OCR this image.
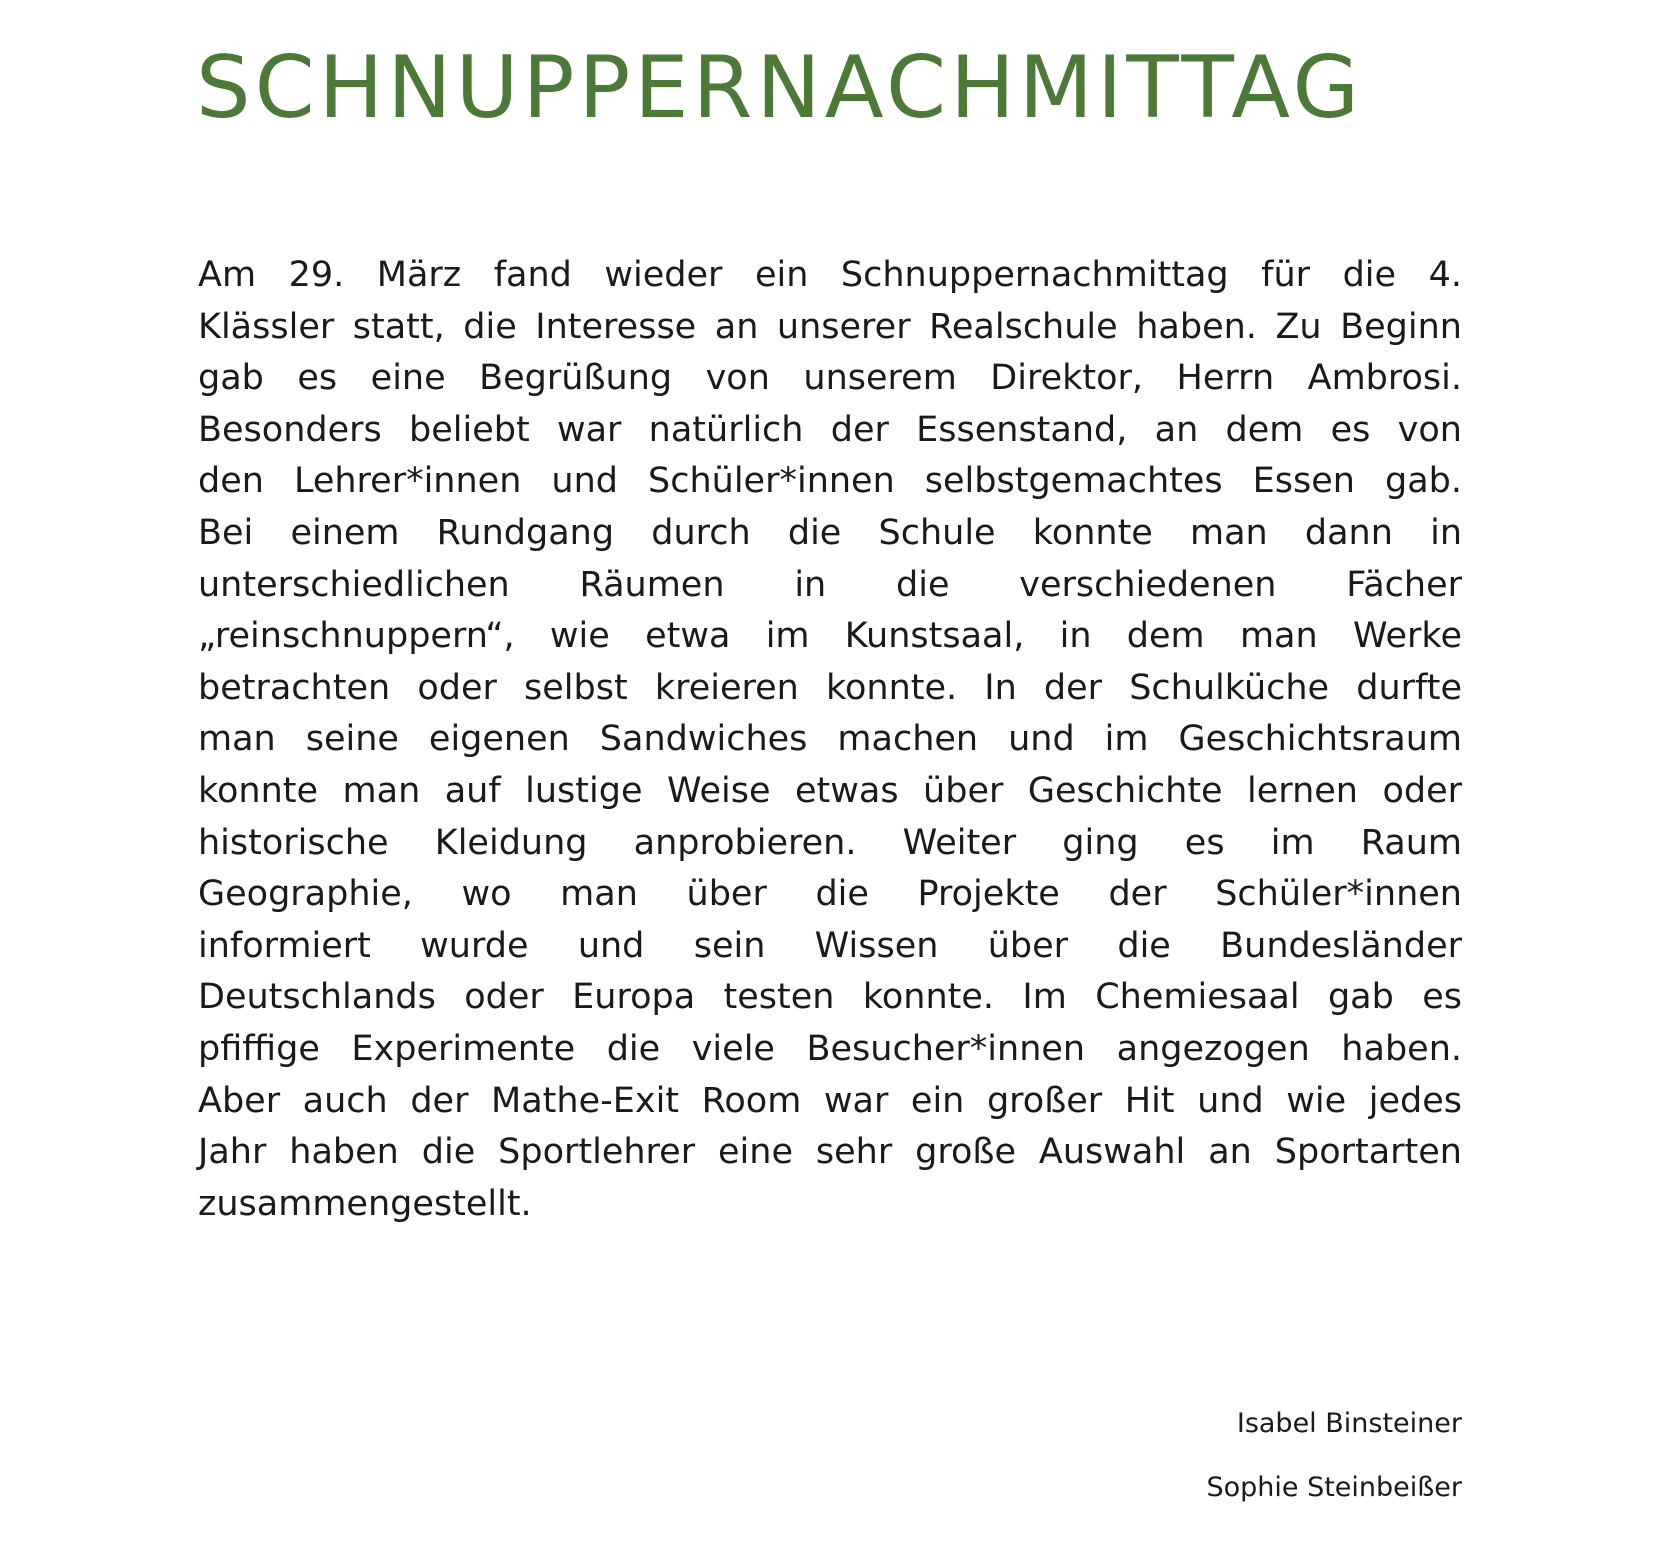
SCHNUPPERNACHMITTAG
Am 29. März fand wieder ein Schnuppernachmittag für die 4.
Klässler statt, die Interesse an unserer Realschule haben. Zu Beginn
gab es eine Begrüßung von unserem Direktor, Herrn Ambrosi.
Besonders beliebt war natürlich der Essenstand, an dem es von
den Lehrer*innen und Schüler*innen selbstgemachtes Essen gab.
Bei einem Rundgang durch die Schule konnte man dann in
unterschiedlichen Räumen in die verschiedenen Fächer
„reinschnuppern“, wie etwa im Kunstsaal, in dem man Werke
betrachten oder selbst kreieren konnte. In der Schulküche durfte
man seine eigenen Sandwiches machen und im Geschichtsraum
konnte man auf lustige Weise etwas über Geschichte lernen oder
historische Kleidung anprobieren. Weiter ging es im Raum
Geographie, wo man über die Projekte der Schüler*innen
informiert wurde und sein Wissen über die Bundesländer
Deutschlands oder Europa testen konnte. Im Chemiesaal gab es
pfiffige Experimente die viele Besucher*innen angezogen haben.
Aber auch der Mathe-Exit Room war ein großer Hit und wie jedes
Jahr haben die Sportlehrer eine sehr große Auswahl an Sportarten
zusammengestellt.
Isabel Binsteiner
Sophie Steinbeißer
